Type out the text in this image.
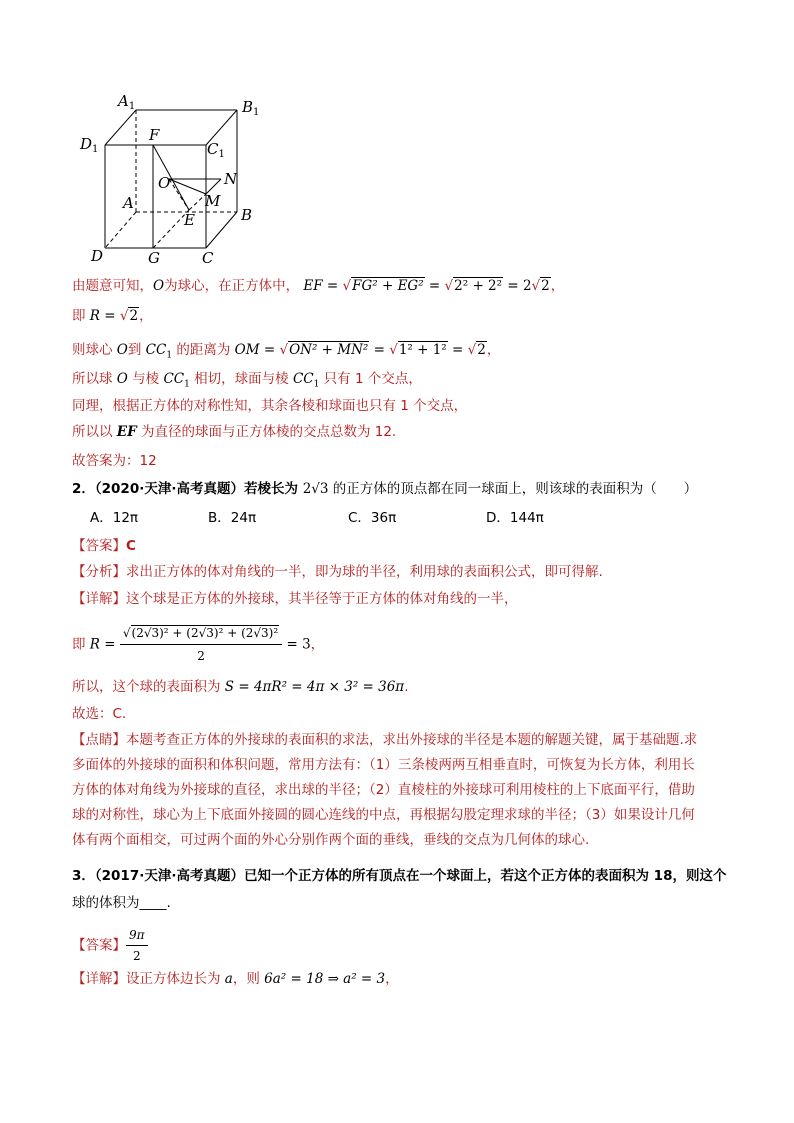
$A_1$	$B_1$
$D_1$	$C_1$
F
O	N
M
A
B
E
D	G	C
由题意可知，O为球心，在正方体中， EF = √FG² + EG² = √2² + 2² = 2√2，
即 R = √2，
则球心 O到 $CC_1$ 的距离为 OM = √ON² + MN² = √1² + 1² = √2，
所以球 O 与棱 $CC_1$ 相切，球面与棱 $CC_1$ 只有 1 个交点，
同理，根据正方体的对称性知，其余各棱和球面也只有 1 个交点，
所以以 EF 为直径的球面与正方体棱的交点总数为 12.
故答案为：12
2．（2020·天津·高考真题）若棱长为 2√3 的正方体的顶点都在同一球面上，则该球的表面积为（　　）
A．12π	B．24π	C．36π	D．144π
【答案】C
【分析】求出正方体的体对角线的一半，即为球的半径，利用球的表面积公式，即可得解.
【详解】这个球是正方体的外接球，其半径等于正方体的体对角线的一半，
即 $R = \frac{\text{√(2√3)² + (2√3)² + (2√3)²}}{2} = 3$，
所以，这个球的表面积为 S = 4πR² = 4π × 3² = 36π.
故选：C.
【点睛】本题考查正方体的外接球的表面积的求法，求出外接球的半径是本题的解题关键，属于基础题.求
多面体的外接球的面积和体积问题，常用方法有：（1）三条棱两两互相垂直时，可恢复为长方体，利用长
方体的体对角线为外接球的直径，求出球的半径；（2）直棱柱的外接球可利用棱柱的上下底面平行，借助
球的对称性，球心为上下底面外接圆的圆心连线的中点，再根据勾股定理求球的半径；（3）如果设计几何
体有两个面相交，可过两个面的外心分别作两个面的垂线，垂线的交点为几何体的球心.
3．（2017·天津·高考真题）已知一个正方体的所有顶点在一个球面上，若这个正方体的表面积为 18，则这个
球的体积为____.
【答案】 $\frac{9\pi}{2}$
【详解】设正方体边长为 a，则 6a² = 18 ⇒ a² = 3，
